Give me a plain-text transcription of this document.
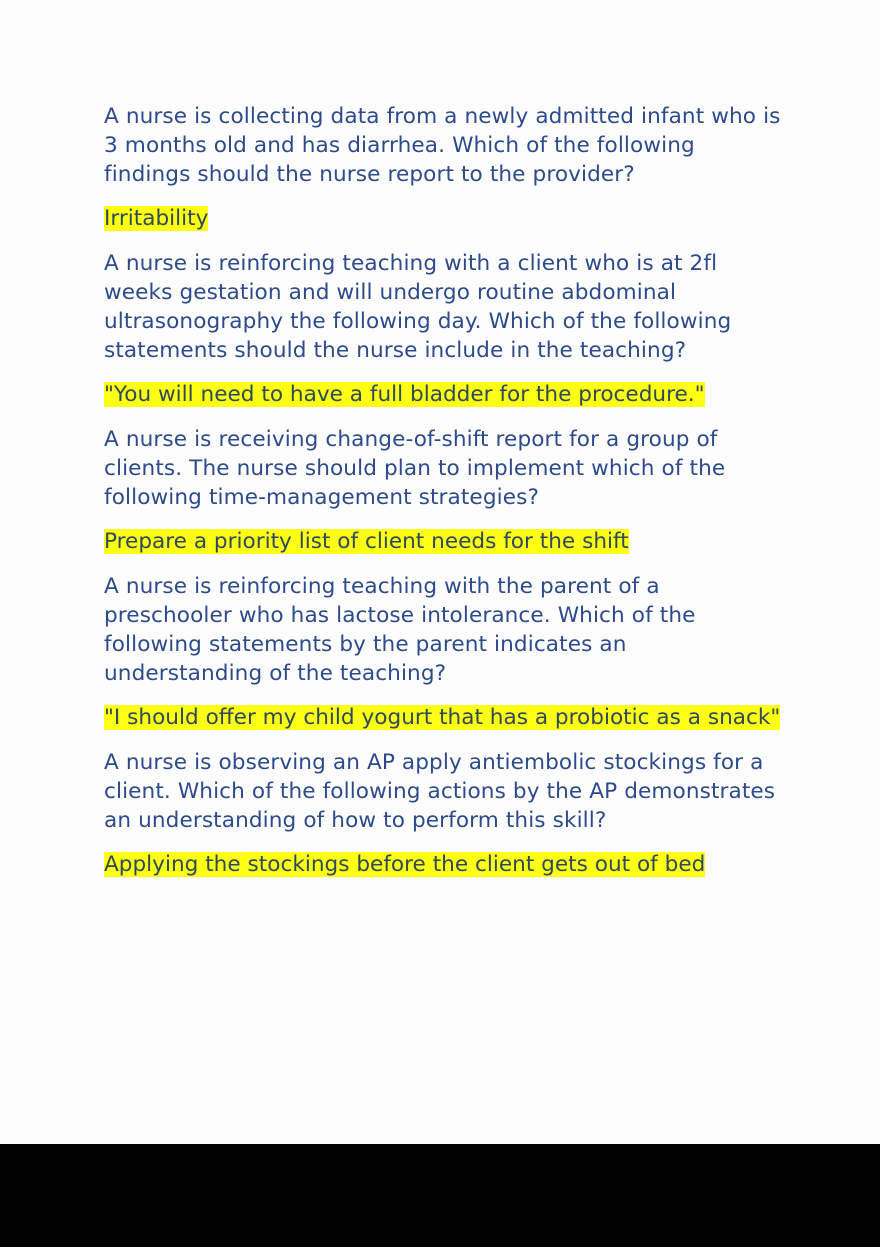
A nurse is collecting data from a newly admitted infant who is 3 months old and has diarrhea. Which of the following findings should the nurse report to the provider?

Irritability

A nurse is reinforcing teaching with a client who is at 2fl weeks gestation and will undergo routine abdominal ultrasonography the following day. Which of the following statements should the nurse include in the teaching?

"You will need to have a full bladder for the procedure."

A nurse is receiving change-of-shift report for a group of clients. The nurse should plan to implement which of the following time-management strategies?

Prepare a priority list of client needs for the shift

A nurse is reinforcing teaching with the parent of a preschooler who has lactose intolerance. Which of the following statements by the parent indicates an understanding of the teaching?

"I should offer my child yogurt that has a probiotic as a snack"

A nurse is observing an AP apply antiembolic stockings for a client. Which of the following actions by the AP demonstrates an understanding of how to perform this skill?

Applying the stockings before the client gets out of bed
